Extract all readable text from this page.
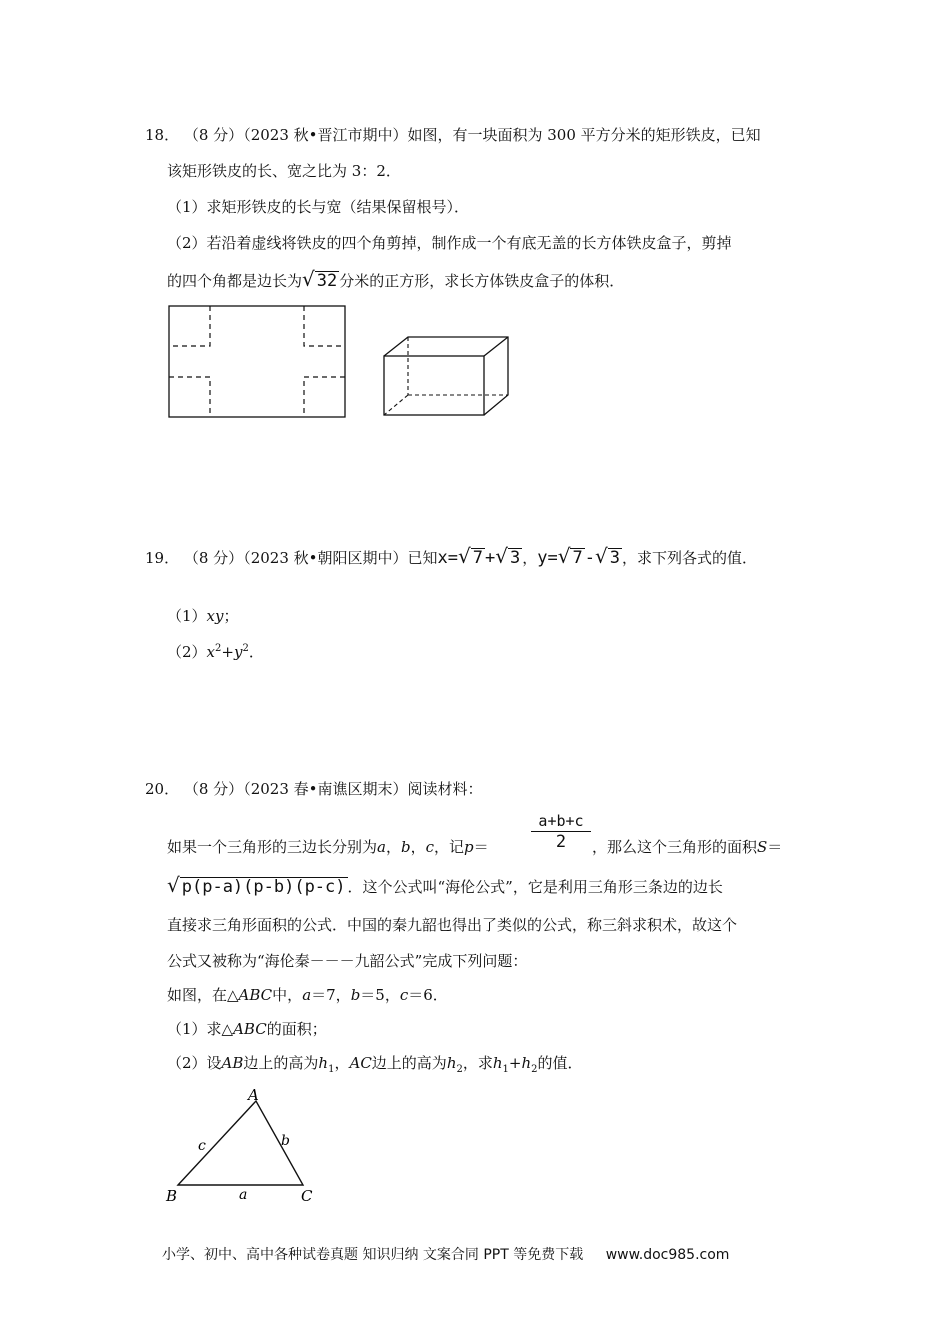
18． （8 分）（2023 秋•晋江市期中）如图，有一块面积为 300 平方分米的矩形铁皮，已知
该矩形铁皮的长、宽之比为 3：2．
（1）求矩形铁皮的长与宽（结果保留根号）．
（2）若沿着虚线将铁皮的四个角剪掉，制作成一个有底无盖的长方体铁皮盒子，剪掉
的四个角都是边长为√ 32 分米的正方形，求长方体铁皮盒子的体积．
19． （8 分）（2023 秋•朝阳区期中）已知x=√ 7 +√ 3 ，y=√ 7 -√ 3 ，求下列各式的值．
（1）xy；
$(2)x^2+y^2$．
20． （8 分）（2023 春•南谯区期末）阅读材料：
a+b+c
2
如果一个三角形的三边长分别为a，b，c，记p＝	，那么这个三角形的面积S＝
√ p(p-a)(p-b)(p-c) ．这个公式叫“海伦公式”，它是利用三角形三条边的边长
直接求三角形面积的公式．中国的秦九韶也得出了类似的公式，称三斜求积术，故这个
公式又被称为“海伦秦－－－九韶公式”完成下列问题：
如图，在△ABC中，a＝7，b＝5，c＝6．
（1）求△ABC的面积；
（2）设AB边上的高为$h_1$，AC边上的高为$h_2$，求$h_1+h_2$的值．
A
B	C
c	b
a
小学、初中、高中各种试卷真题 知识归纳 文案合同 PPT 等免费下载 www.doc985.com
